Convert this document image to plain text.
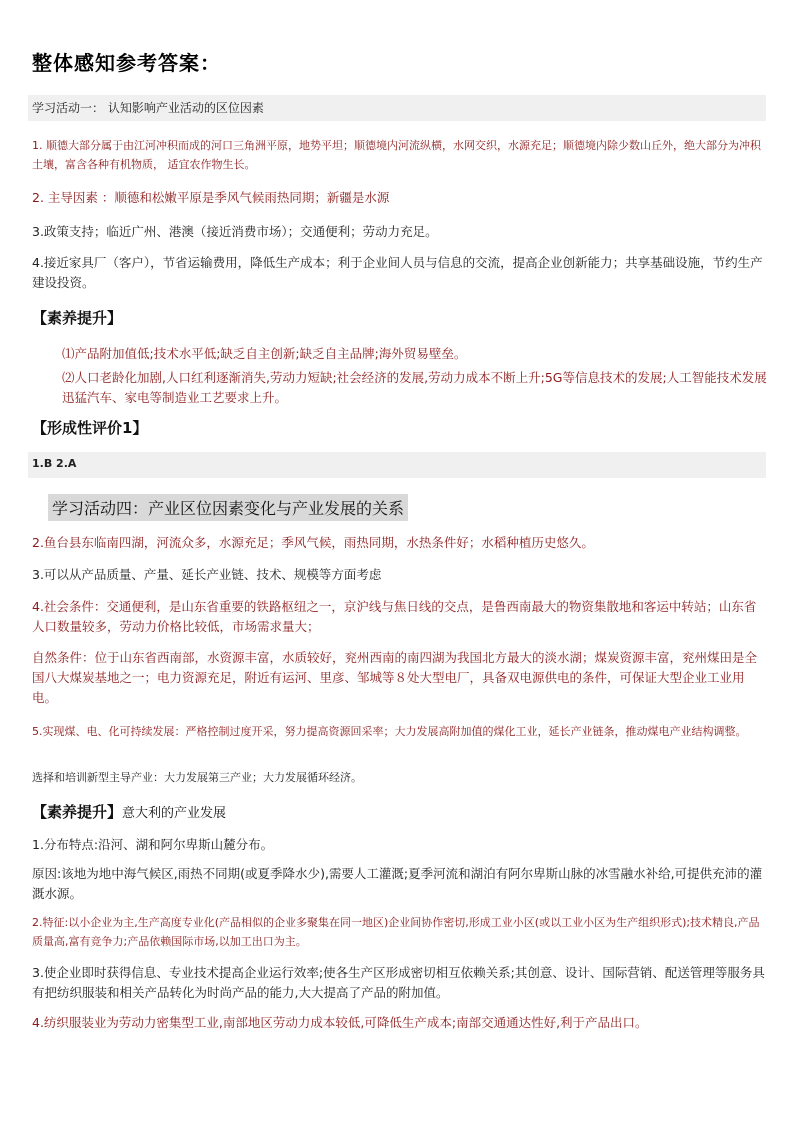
整体感知参考答案：
学习活动一： 认知影响产业活动的区位因素
1. 顺德大部分属于由江河冲积而成的河口三角洲平原，地势平坦；顺德境内河流纵横，水网交织，水源充足；顺德境内除少数山丘外，绝大部分为冲积土壤，富含各种有机物质， 适宜农作物生长。
2. 主导因素 ：顺德和松嫩平原是季风气候雨热同期；新疆是水源
3.政策支持；临近广州、港澳（接近消费市场）；交通便利；劳动力充足。
4.接近家具厂（客户），节省运输费用，降低生产成本；利于企业间人员与信息的交流，提高企业创新能力；共享基础设施，节约生产建设投资。
【素养提升】
⑴产品附加值低;技术水平低;缺乏自主创新;缺乏自主品牌;海外贸易壁垒。
⑵人口老龄化加剧,人口红利逐渐消失,劳动力短缺;社会经济的发展,劳动力成本不断上升;5G等信息技术的发展;人工智能技术发展迅猛汽车、家电等制造业工艺要求上升。
【形成性评价1】
1.B 2.A
学习活动四：产业区位因素变化与产业发展的关系
2.鱼台县东临南四湖，河流众多，水源充足；季风气候，雨热同期，水热条件好；水稻种植历史悠久。
3.可以从产品质量、产量、延长产业链、技术、规模等方面考虑
4.社会条件：交通便利，是山东省重要的铁路枢纽之一，京沪线与焦日线的交点，是鲁西南最大的物资集散地和客运中转站；山东省人口数量较多，劳动力价格比较低，市场需求量大；
自然条件：位于山东省西南部，水资源丰富，水质较好，兖州西南的南四湖为我国北方最大的淡水湖；煤炭资源丰富，兖州煤田是全国八大煤炭基地之一；电力资源充足，附近有运河、里彦、邹城等８处大型电厂，具备双电源供电的条件，可保证大型企业工业用电。
5.实现煤、电、化可持续发展：严格控制过度开采，努力提高资源回采率；大力发展高附加值的煤化工业，延长产业链条，推动煤电产业结构调整。
选择和培训新型主导产业：大力发展第三产业；大力发展循环经济。
【素养提升】意大利的产业发展
1.分布特点:沿河、湖和阿尔卑斯山麓分布。
原因:该地为地中海气候区,雨热不同期(或夏季降水少),需要人工灌溉;夏季河流和湖泊有阿尔卑斯山脉的冰雪融水补给,可提供充沛的灌溉水源。
2.特征:以小企业为主,生产高度专业化(产品相似的企业多聚集在同一地区)企业间协作密切,形成工业小区(或以工业小区为生产组织形式);技术精良,产品质量高,富有竞争力;产品依赖国际市场,以加工出口为主。
3.使企业即时获得信息、专业技术提高企业运行效率;使各生产区形成密切相互依赖关系;其创意、设计、国际营销、配送管理等服务具有把纺织服装和相关产品转化为时尚产品的能力,大大提高了产品的附加值。
4.纺织服装业为劳动力密集型工业,南部地区劳动力成本较低,可降低生产成本;南部交通通达性好,利于产品出口。
